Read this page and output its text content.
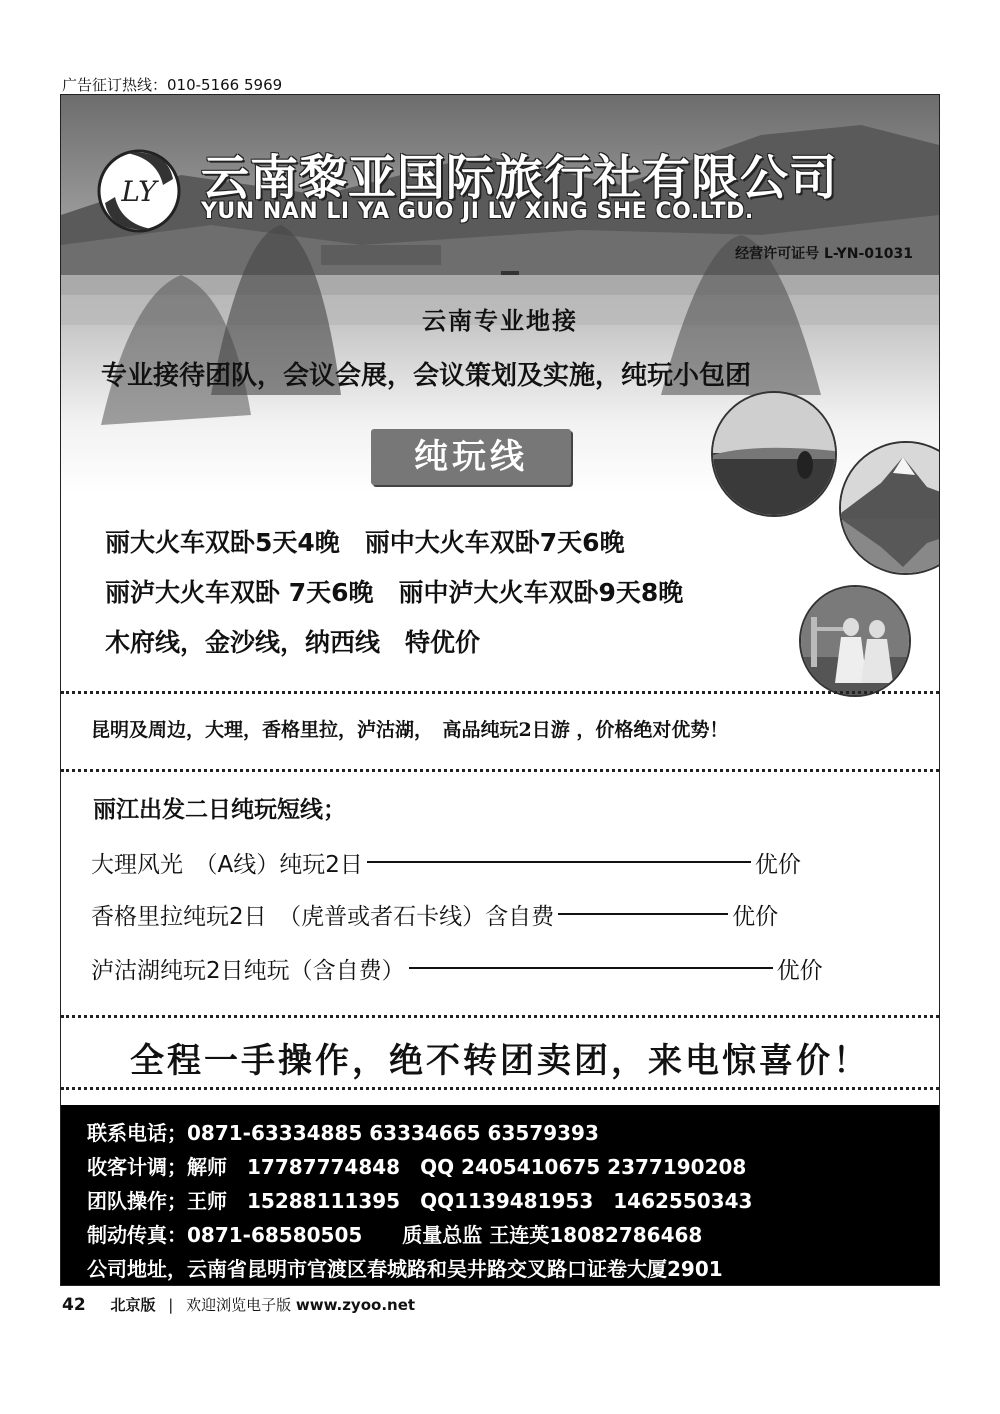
广告征订热线：010-5166 5969
LY 云南黎亚国际旅行社有限公司
YUN NAN LI YA GUO JI LV XING SHE CO.LTD.
经营许可证号 L-YN-01031
云南专业地接
专业接待团队，会议会展，会议策划及实施，纯玩小包团
纯玩线
丽大火车双卧5天4晚　丽中大火车双卧7天6晚
丽泸大火车双卧 7天6晚　丽中泸大火车双卧9天8晚
木府线，金沙线，纳西线　特优价
昆明及周边，大理，香格里拉，泸沽湖，　高品纯玩2日游 ，价格绝对优势！
丽江出发二日纯玩短线；
大理风光　（A线）纯玩2日	优价
香格里拉纯玩2日　（虎普或者石卡线）含自费	优价
泸沽湖纯玩2日纯玩（含自费）	优价
全程一手操作，绝不转团卖团，来电惊喜价！
联系电话；0871-63334885 63334665 63579393
收客计调；解师　17787774848　QQ 2405410675 2377190208
团队操作；王师　15288111395　QQ1139481953　1462550343
制动传真：0871-68580505　　质量总监 王连英18082786468
公司地址，云南省昆明市官渡区春城路和吴井路交叉路口证卷大厦2901
42 北京版 | 欢迎浏览电子版 www.zyoo.net
